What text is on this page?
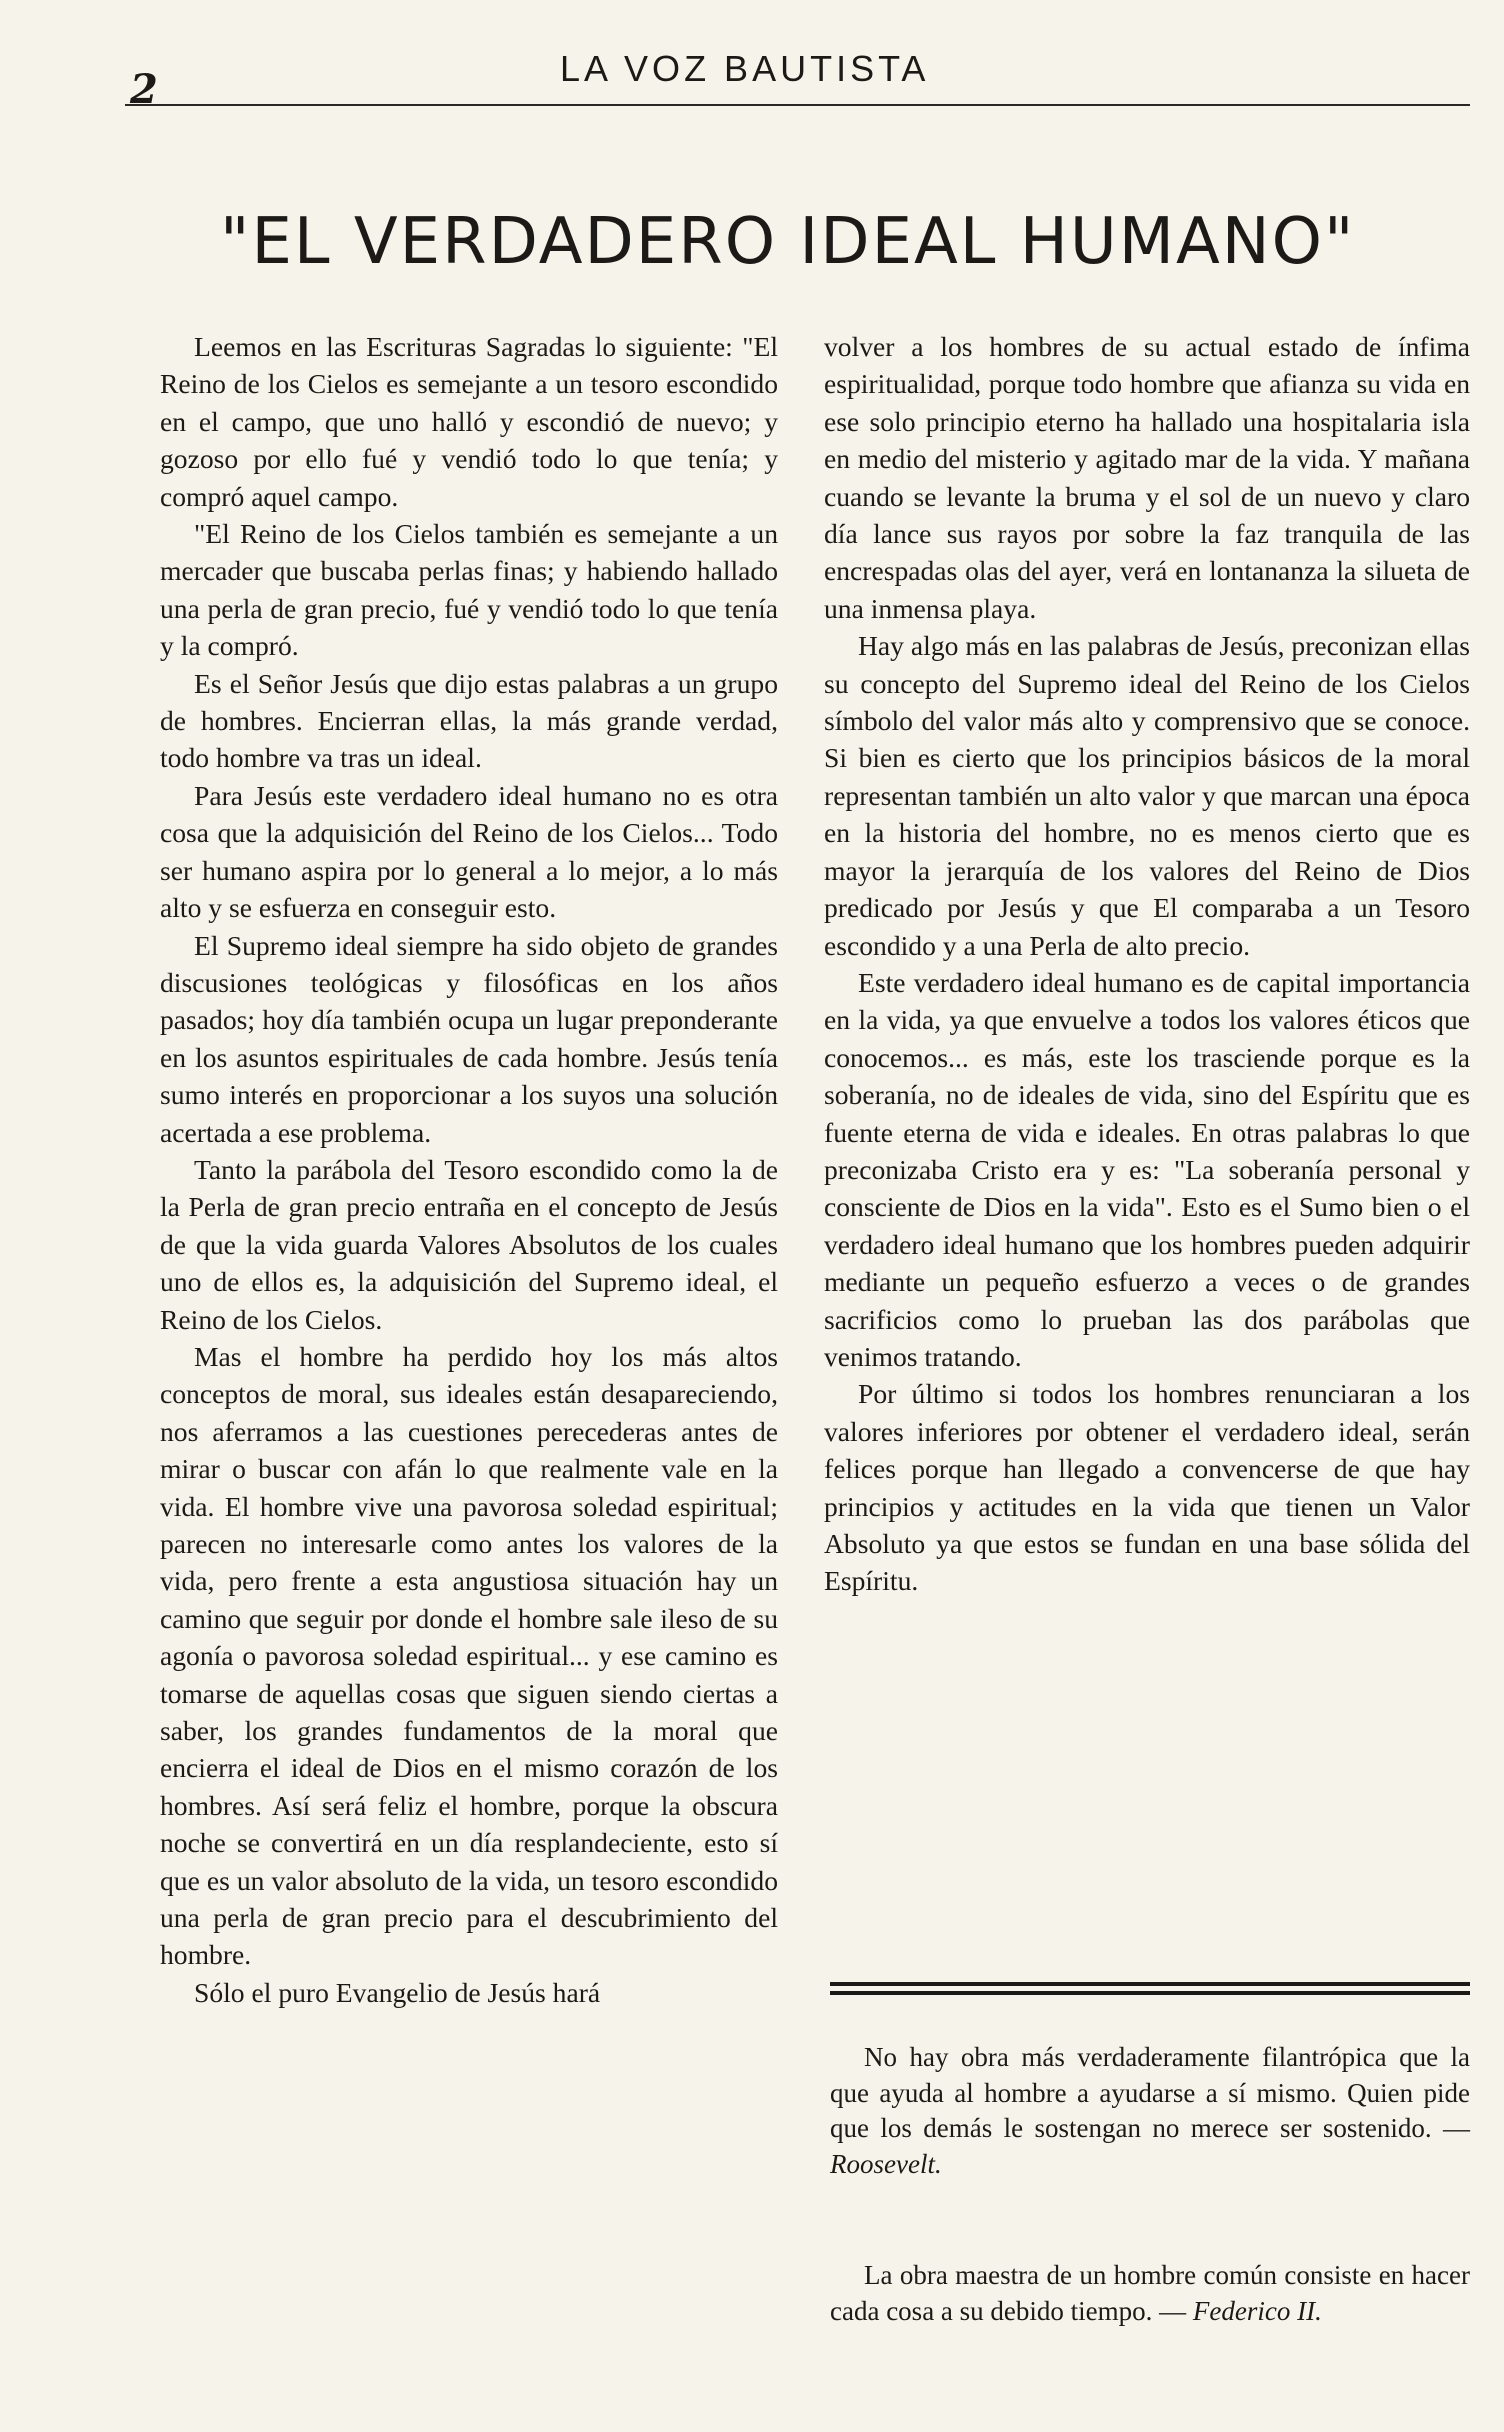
2	LA VOZ BAUTISTA
"EL VERDADERO IDEAL HUMANO"

Leemos en las Escrituras Sagradas lo siguiente: "El Reino de los Cielos es semejante a un tesoro escondido en el campo, que uno halló y escondió de nuevo; y gozoso por ello fué y vendió todo lo que tenía; y compró aquel campo.

"El Reino de los Cielos también es semejante a un mercader que buscaba perlas finas; y habiendo hallado una perla de gran precio, fué y vendió todo lo que tenía y la compró.

Es el Señor Jesús que dijo estas palabras a un grupo de hombres. Encierran ellas, la más grande verdad, todo hombre va tras un ideal.

Para Jesús este verdadero ideal humano no es otra cosa que la adquisición del Reino de los Cielos... Todo ser humano aspira por lo general a lo mejor, a lo más alto y se esfuerza en conseguir esto.

El Supremo ideal siempre ha sido objeto de grandes discusiones teológicas y filosóficas en los años pasados; hoy día también ocupa un lugar preponderante en los asuntos espirituales de cada hombre. Jesús tenía sumo interés en proporcionar a los suyos una solución acertada a ese problema.

Tanto la parábola del Tesoro escondido como la de la Perla de gran precio entraña en el concepto de Jesús de que la vida guarda Valores Absolutos de los cuales uno de ellos es, la adquisición del Supremo ideal, el Reino de los Cielos.

Mas el hombre ha perdido hoy los más altos conceptos de moral, sus ideales están desapareciendo, nos aferramos a las cuestiones perecederas antes de mirar o buscar con afán lo que realmente vale en la vida. El hombre vive una pavorosa soledad espiritual; parecen no interesarle como antes los valores de la vida, pero frente a esta angustiosa situación hay un camino que seguir por donde el hombre sale ileso de su agonía o pavorosa soledad espiritual... y ese camino es tomarse de aquellas cosas que siguen siendo ciertas a saber, los grandes fundamentos de la moral que encierra el ideal de Dios en el mismo corazón de los hombres. Así será feliz el hombre, porque la obscura noche se convertirá en un día resplandeciente, esto sí que es un valor absoluto de la vida, un tesoro escondido una perla de gran precio para el descubrimiento del hombre.

Sólo el puro Evangelio de Jesús hará

volver a los hombres de su actual estado de ínfima espiritualidad, porque todo hombre que afianza su vida en ese solo principio eterno ha hallado una hospitalaria isla en medio del misterio y agitado mar de la vida. Y mañana cuando se levante la bruma y el sol de un nuevo y claro día lance sus rayos por sobre la faz tranquila de las encrespadas olas del ayer, verá en lontananza la silueta de una inmensa playa.

Hay algo más en las palabras de Jesús, preconizan ellas su concepto del Supremo ideal del Reino de los Cielos símbolo del valor más alto y comprensivo que se conoce. Si bien es cierto que los principios básicos de la moral representan también un alto valor y que marcan una época en la historia del hombre, no es menos cierto que es mayor la jerarquía de los valores del Reino de Dios predicado por Jesús y que El comparaba a un Tesoro escondido y a una Perla de alto precio.

Este verdadero ideal humano es de capital importancia en la vida, ya que envuelve a todos los valores éticos que conocemos... es más, este los trasciende porque es la soberanía, no de ideales de vida, sino del Espíritu que es fuente eterna de vida e ideales. En otras palabras lo que preconizaba Cristo era y es: "La soberanía personal y consciente de Dios en la vida". Esto es el Sumo bien o el verdadero ideal humano que los hombres pueden adquirir mediante un pequeño esfuerzo a veces o de grandes sacrificios como lo prueban las dos parábolas que venimos tratando.

Por último si todos los hombres renunciaran a los valores inferiores por obtener el verdadero ideal, serán felices porque han llegado a convencerse de que hay principios y actitudes en la vida que tienen un Valor Absoluto ya que estos se fundan en una base sólida del Espíritu.

No hay obra más verdaderamente filantrópica que la que ayuda al hombre a ayudarse a sí mismo. Quien pide que los demás le sostengan no merece ser sostenido. — Roosevelt.

La obra maestra de un hombre común consiste en hacer cada cosa a su debido tiempo. — Federico II.
